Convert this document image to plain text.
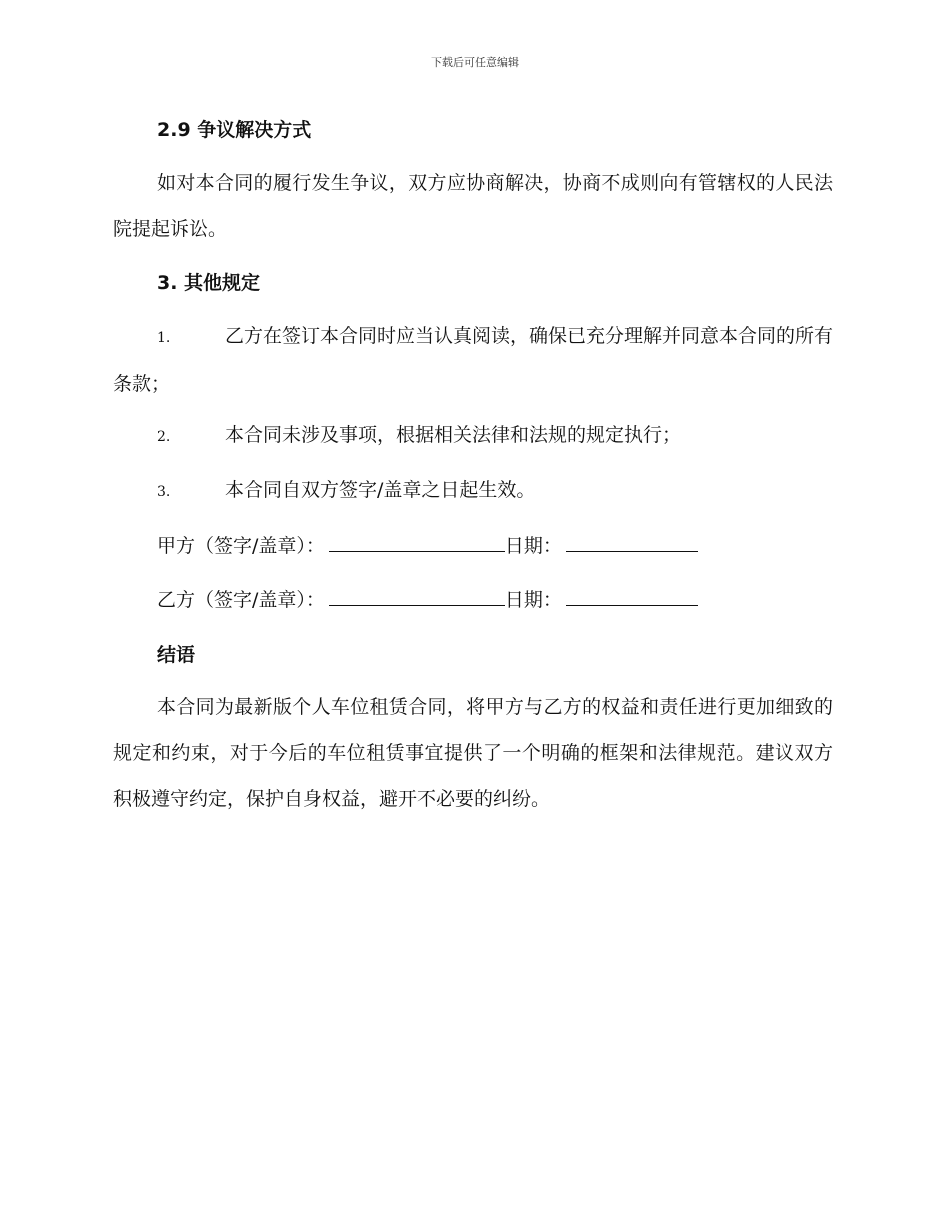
下载后可任意编辑
2.9 争议解决方式
如对本合同的履行发生争议，双方应协商解决，协商不成则向有管辖权的人民法院提起诉讼。
3. 其他规定
1.	乙方在签订本合同时应当认真阅读，确保已充分理解并同意本合同的所有条款；
2.	本合同未涉及事项，根据相关法律和法规的规定执行；
3.	本合同自双方签字/盖章之日起生效。
甲方（签字/盖章）：	日期：
乙方（签字/盖章）：	日期：
结语
本合同为最新版个人车位租赁合同，将甲方与乙方的权益和责任进行更加细致的规定和约束，对于今后的车位租赁事宜提供了一个明确的框架和法律规范。建议双方积极遵守约定，保护自身权益，避开不必要的纠纷。
